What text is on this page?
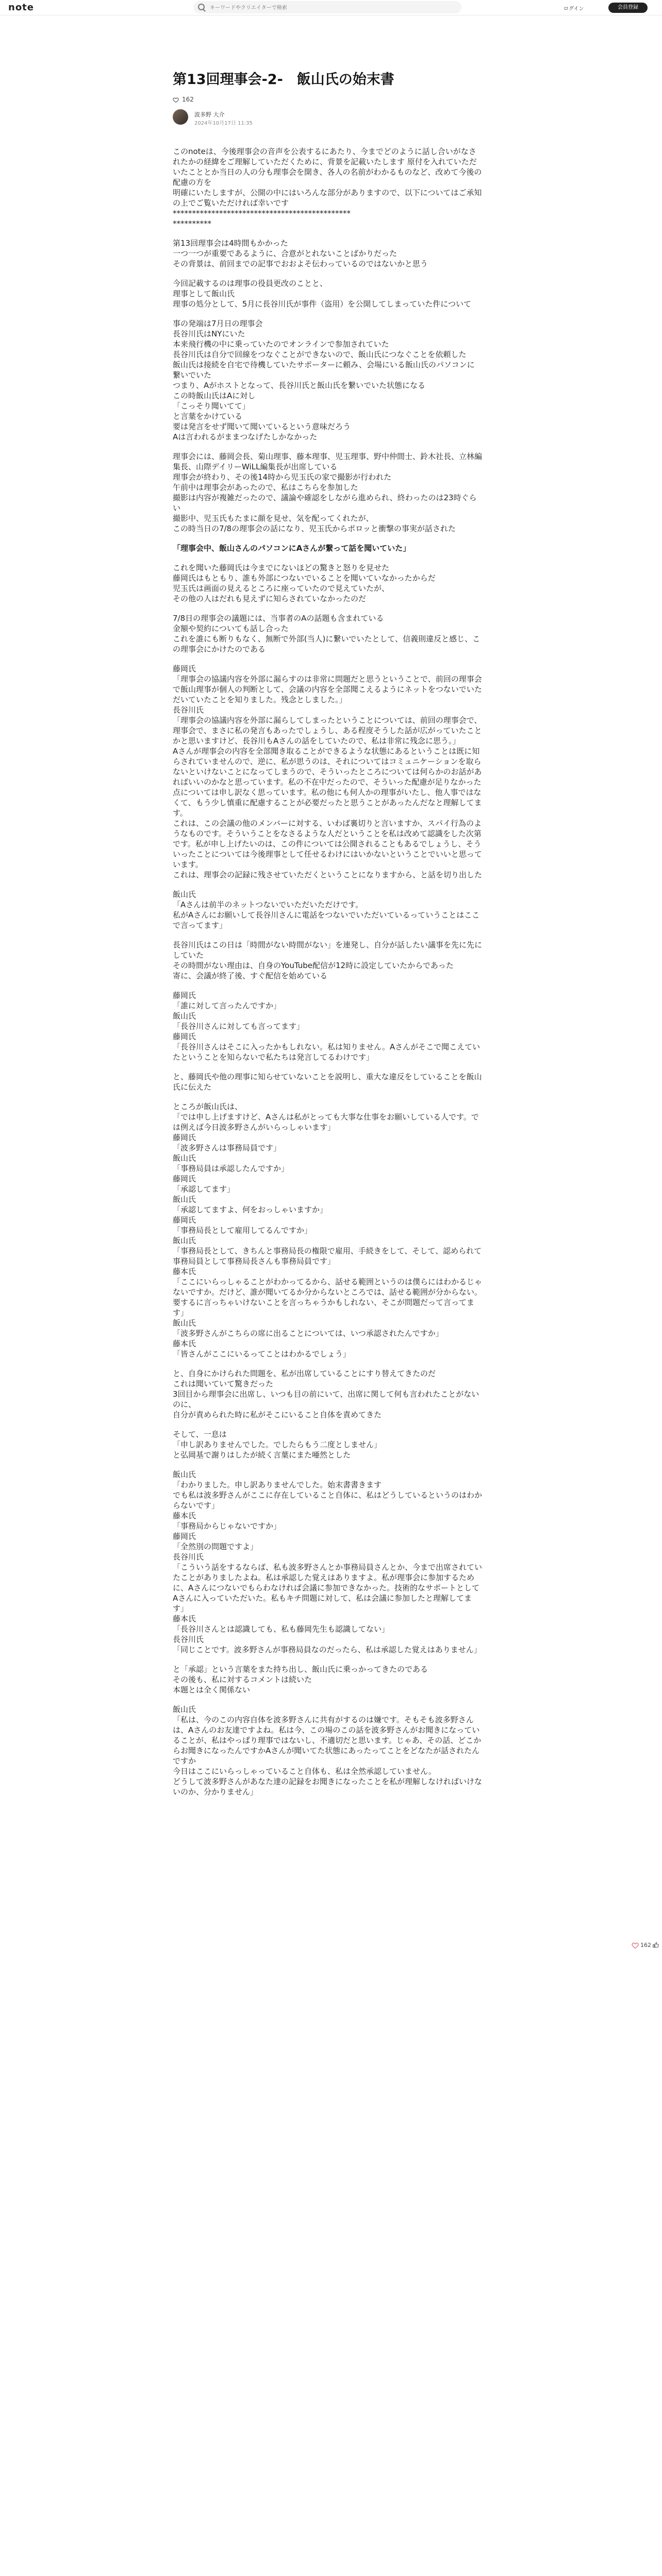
note
キーワードやクリエイターで検索	ログイン	会員登録
第13回理事会-2-　飯山氏の始末書
162
波多野 大介
2024年10月17日 11:35

このnoteは、今後理事会の音声を公表するにあたり、今までどのように話し合いがなされたかの経緯をご理解していただくために、背景を記載いたします 原付を入れていただいたこととか当日の人の分も理事会を開き、各人の名前がわかるものなど、改めて今後の配慮の方を
明確にいたしますが、公開の中にはいろんな部分がありますので、以下についてはご承知の上でご覧いただければ幸いです
**********************************************
**********

第13回理事会は4時間もかかった
一つ一つが重要であるように、合意がとれないことばかりだった
その背景は、前回までの記事でおおよそ伝わっているのではないかと思う

今回記載するのは理事の役員更改のことと、
理事として飯山氏
理事の処分として、5月に長谷川氏が事件（盗用）を公開してしまっていた件について

事の発端は7月日の理事会
長谷川氏はNYにいた
本来飛行機の中に乗っていたのでオンラインで参加されていた
長谷川氏は自分で回線をつなぐことができないので、飯山氏につなぐことを依頼した
飯山氏は接続を自宅で待機していたサポーターに頼み、会場にいる飯山氏のパソコンに繋いでいた
つまり、Aがホストとなって、長谷川氏と飯山氏を繋いでいた状態になる
この時飯山氏はAに対し
「こっそり聞いてて」
と言葉をかけている
要は発言をせず聞いて聞いているという意味だろう
Aは言われるがままつなげたしかなかった

理事会には、藤岡会長、菊山理事、藤本理事、児玉理事、野中仲間士、鈴木社長、立林編集長、山際デイリーWiLL編集長が出席している
理事会が終わり、その後14時から児玉氏の家で撮影が行われた
午前中は理事会があったので、私はこちらを参加した
撮影は内容が複雑だったので、議論や確認をしながら進められ、終わったのは23時ぐらい
撮影中、児玉氏もたまに顔を見せ、気を配ってくれたが、
この時当日の7/8の理事会の話になり、児玉氏からポロッと衝撃の事実が話された

「理事会中、飯山さんのパソコンにAさんが繋って話を聞いていた」

これを聞いた藤岡氏は今までにないほどの驚きと怒りを見せた
藤岡氏はもともり、誰も外部につないでいることを聞いていなかったからだ
児玉氏は画面の見えるところに座っていたので見えていたが、
その他の人はだれも見えずに知らされていなかったのだ

7/8日の理事会の議題には、当事者のAの話題も含まれている
金額や契約についても話し合った
これを誰にも断りもなく、無断で外部(当人)に繋いでいたとして、信義則違反と感じ、この理事会にかけたのである

藤岡氏
「理事会の協議内容を外部に漏らすのは非常に問題だと思うということで、前回の理事会で飯山理事が個人の判断として、会議の内容を全部聞こえるようにネットをつないでいただいていたことを知りました。残念としました。」
長谷川氏
「理事会の協議内容を外部に漏らしてしまったということについては、前回の理事会で、理事会で、まさに私の発言もあったでしょうし、ある程度そうした話が広がっていたことかと思いますけど、長谷川もAさんの話をしていたので、私は非常に残念に思う。」
Aさんが理事会の内容を全部聞き取ることができるような状態にあるということは既に知らされていませんので、逆に、私が思うのは、それについてはコミュニケーションを取らないといけないことになってしまうので、そういったところについては何らかのお話があればいいのかなと思っています。私の不在中だったので、そういった配慮が足りなかった点については申し訳なく思っています。私の他にも何人かの理事がいたし、他人事ではなくて、もう少し慎重に配慮することが必要だったと思うことがあったんだなと理解してます。
これは、この会議の他のメンバーに対する、いわば裏切りと言いますか、スパイ行為のようなものです。そういうことをなさるような人だということを私は改めて認識をした次第です。私が申し上げたいのは、この件については公開されることもあるでしょうし、そういったことについては今後理事として任せるわけにはいかないということでいいと思っています。
これは、理事会の記録に残させていただくということになりますから、と話を切り出した

飯山氏
「Aさんは前半のネットつないでいただいただけです。
私がAさんにお願いして長谷川さんに電話をつないでいただいているっていうことはここで言ってます」

長谷川氏はこの日は「時間がない時間がない」を連発し、自分が話したい議事を先に先にしていた
その時間がない理由は、自身のYouTube配信が12時に設定していたからであった
寄に、会議が終了後、すぐ配信を始めている

藤岡氏
「誰に対して言ったんですか」
飯山氏
「長谷川さんに対しても言ってます」
藤岡氏
「長谷川さんはそこに入ったかもしれない。私は知りません。Aさんがそこで聞こえていたということを知らないで私たちは発言してるわけです」

と、藤岡氏や他の理事に知らせていないことを説明し、重大な違反をしていることを飯山氏に伝えた

ところが飯山氏は、
「では申し上げますけど、Aさんは私がとっても大事な仕事をお願いしている人です。では例えば今日波多野さんがいらっしゃいます」
藤岡氏
「波多野さんは事務局員です」
飯山氏
「事務局員は承認したんですか」
藤岡氏
「承認してます」
飯山氏
「承認してますよ、何をおっしゃいますか」
藤岡氏
「事務局長として雇用してるんですか」
飯山氏
「事務局長として、きちんと事務局長の権限で雇用、手続きをして、そして、認められて事務局員として事務局長さんも事務局員です」
藤本氏
「ここにいらっしゃることがわかってるから、話せる範囲というのは僕らにはわかるじゃないですか。だけど、誰が聞いてるか分からないところでは、話せる範囲が分からない。要するに言っちゃいけないことを言っちゃうかもしれない、そこが問題だって言ってます」
飯山氏
「波多野さんがこちらの席に出ることについては、いつ承認されたんですか」
藤本氏
「皆さんがここにいるってことはわかるでしょう」

と、自身にかけられた問題を、私が出席していることにすり替えてきたのだ
これは聞いていて驚きだった
3回目から理事会に出席し、いつも目の前にいて、出席に関して何も言われたことがないのに、
自分が責められた時に私がそこにいること自体を責めてきた

そして、一息は
「申し訳ありませんでした。でしたらもう二度としません」
と弘岡基で謝りはしたが続く言葉にまた唖然とした

飯山氏
「わかりました。申し訳ありませんでした。始末書書きます
でも私は波多野さんがここに存在していること自体に、私はどうしているというのはわからないです」
藤本氏
「事務局からじゃないですか」
藤岡氏
「全然別の問題ですよ」
長谷川氏
「こういう話をするならば、私も波多野さんとか事務局員さんとか、今まで出席されていたことがありましたよね。私は承認した覚えはありますよ。私が理事会に参加するために、Aさんにつないでもらわなければ会議に参加できなかった。技術的なサポートとしてAさんに入っていただいた。私もキチ問題に対して、私は会議に参加したと理解してます」
藤本氏
「長谷川さんとは認識しても、私も藤岡先生も認識してない」
長谷川氏
「同じことです。波多野さんが事務局員なのだったら、私は承認した覚えはありません」

と「承認」という言葉をまた持ち出し、飯山氏に乗っかってきたのである
その後も、私に対するコメントは続いた
本題とは全く関係ない

飯山氏
「私は、今のこの内容自体を波多野さんに共有がするのは嫌です。そもそも波多野さんは、Aさんのお友達ですよね。私は今、この場のこの話を波多野さんがお聞きになっていることが、私はやっぱり理事ではないし、不適切だと思います。じゃあ、その話、どこからお聞きになったんですかAさんが聞いてた状態にあったってことをどなたが話されたんですか
今日はここにいらっしゃっていること自体も、私は全然承認していません。
どうして波多野さんがあなた達の記録をお聞きになったことを私が理解しなければいけないのか、分かりません」

162
